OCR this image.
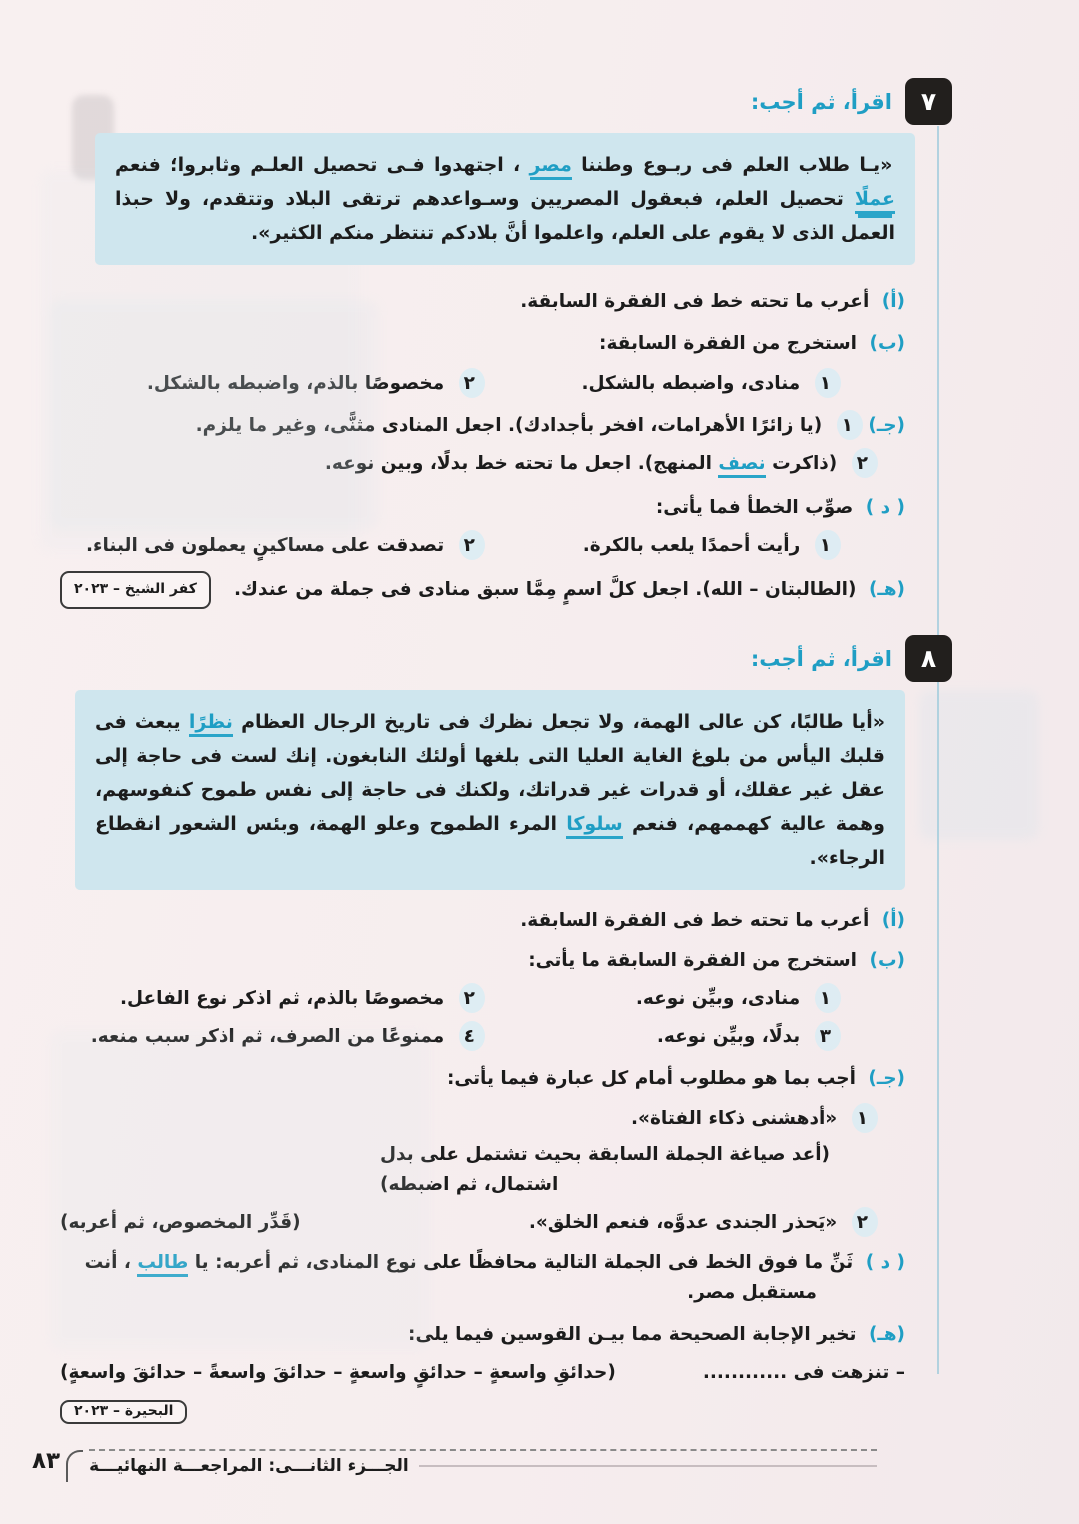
٧
اقرأ، ثم أجب:
«يـا طلاب العلم فى ربـوع وطننا مصر ، اجتهدوا فـى تحصيل العلـم وثابروا؛ فنعم عملًا تحصيل العلم، فبعقول المصريين وسـواعدهم ترتقى البلاد وتتقدم، ولا حبذا العمل الذى لا يقوم على العلم، واعلموا أنَّ بلادكم تنتظر منكم الكثير».
(أ) أعرب ما تحته خط فى الفقرة السابقة.
(ب) استخرج من الفقرة السابقة:
١ منادى، واضبطه بالشكل.
٢ مخصوصًا بالذم، واضبطه بالشكل.
(جـ) ١ (يا زائرًا الأهرامات، افخر بأجدادك). اجعل المنادى مثنًّى، وغير ما يلزم.
٢ (ذاكرت نصف المنهج). اجعل ما تحته خط بدلًا، وبين نوعه.
( د ) صوِّب الخطأ فما يأتى:
١ رأيت أحمدًا يلعب بالكرة.
٢ تصدقت على مساكينٍ يعملون فى البناء.
(هـ) (الطالبتان – الله). اجعل كلَّ اسمٍ مِمَّا سبق منادى فى جملة من عندك.
كفر الشيخ – ٢٠٢٣
٨
اقرأ، ثم أجب:
«أيا طالبًا، كن عالى الهمة، ولا تجعل نظرك فى تاريخ الرجال العظام نظرًا يبعث فى قلبك اليأس من بلوغ الغاية العليا التى بلغها أولئك النابغون. إنك لست فى حاجة إلى عقل غير عقلك، أو قدرات غير قدراتك، ولكنك فى حاجة إلى نفس طموح كنفوسهم، وهمة عالية كهممهم، فنعم سلوكا المرء الطموح وعلو الهمة، وبئس الشعور انقطاع الرجاء».
(أ) أعرب ما تحته خط فى الفقرة السابقة.
(ب) استخرج من الفقرة السابقة ما يأتى:
١ منادى، وبيِّن نوعه.
٢ مخصوصًا بالذم، ثم اذكر نوع الفاعل.
٣ بدلًا، وبيِّن نوعه.
٤ ممنوعًا من الصرف، ثم اذكر سبب منعه.
(جـ) أجب بما هو مطلوب أمام كل عبارة فيما يأتى:
١ «أدهشنى ذكاء الفتاة».
(أعد صياغة الجملة السابقة بحيث تشتمل على بدل اشتمال، ثم اضبطه)
٢ «يَحذر الجندى عدوَّه، فنعم الخلق».
(قَدِّر المخصوص، ثم أعربه)
( د ) ثَنِّ ما فوق الخط فى الجملة التالية محافظًا على نوع المنادى، ثم أعربه: يا طالب ، أنت
مستقبل مصر.
(هـ) تخير الإجابة الصحيحة مما بيـن القوسين فيما يلى:
– تنزهت فى ............
(حدائقِ واسعةٍ – حدائقٍ واسعةٍ – حدائقَ واسعةً – حدائقَ واسعةٍ)
البحيرة – ٢٠٢٣
٨٣ الجـــزء الثانـــى: المراجعـــة النهائيـــة
